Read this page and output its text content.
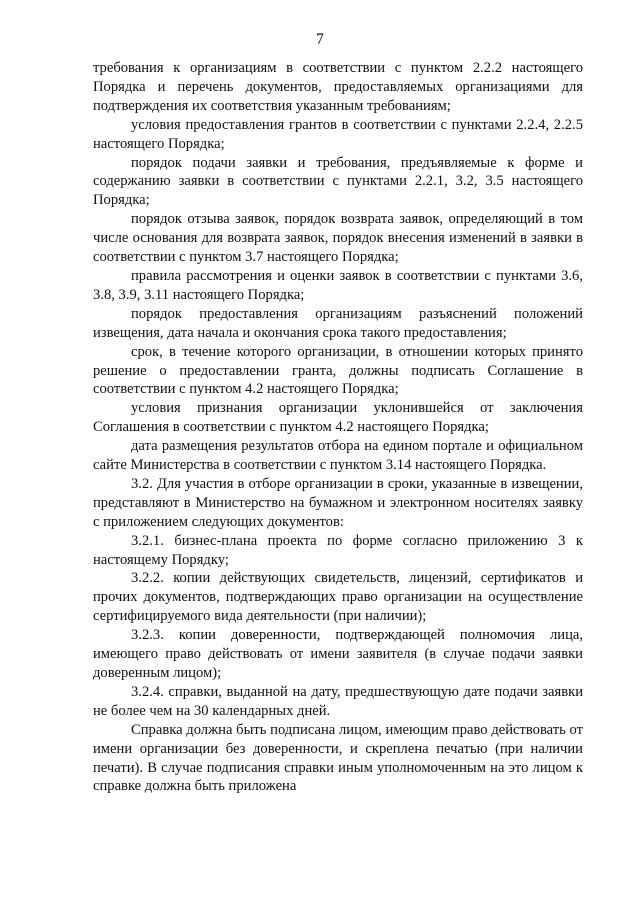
7

требования к организациям в соответствии с пунктом 2.2.2 настоящего Порядка и перечень документов, предоставляемых организациями для подтверждения их соответствия указанным требованиям;

условия предоставления грантов в соответствии с пунктами 2.2.4, 2.2.5 настоящего Порядка;

порядок подачи заявки и требования, предъявляемые к форме и содержанию заявки в соответствии с пунктами 2.2.1, 3.2, 3.5 настоящего Порядка;

порядок отзыва заявок, порядок возврата заявок, определяющий в том числе основания для возврата заявок, порядок внесения изменений в заявки в соответствии с пунктом 3.7 настоящего Порядка;

правила рассмотрения и оценки заявок в соответствии с пунктами 3.6, 3.8, 3.9, 3.11 настоящего Порядка;

порядок предоставления организациям разъяснений положений извещения, дата начала и окончания срока такого предоставления;

срок, в течение которого организации, в отношении которых принято решение о предоставлении гранта, должны подписать Соглашение в соответствии с пунктом 4.2 настоящего Порядка;

условия признания организации уклонившейся от заключения Соглашения в соответствии с пунктом 4.2 настоящего Порядка;

дата размещения результатов отбора на едином портале и официальном сайте Министерства в соответствии с пунктом 3.14 настоящего Порядка.

3.2. Для участия в отборе организации в сроки, указанные в извещении, представляют в Министерство на бумажном и электронном носителях заявку с приложением следующих документов:

3.2.1. бизнес-плана проекта по форме согласно приложению 3 к настоящему Порядку;

3.2.2. копии действующих свидетельств, лицензий, сертификатов и прочих документов, подтверждающих право организации на осуществление сертифицируемого вида деятельности (при наличии);

3.2.3. копии доверенности, подтверждающей полномочия лица, имеющего право действовать от имени заявителя (в случае подачи заявки доверенным лицом);

3.2.4. справки, выданной на дату, предшествующую дате подачи заявки не более чем на 30 календарных дней.

Справка должна быть подписана лицом, имеющим право действовать от имени организации без доверенности, и скреплена печатью (при наличии печати). В случае подписания справки иным уполномоченным на это лицом к справке должна быть приложена
